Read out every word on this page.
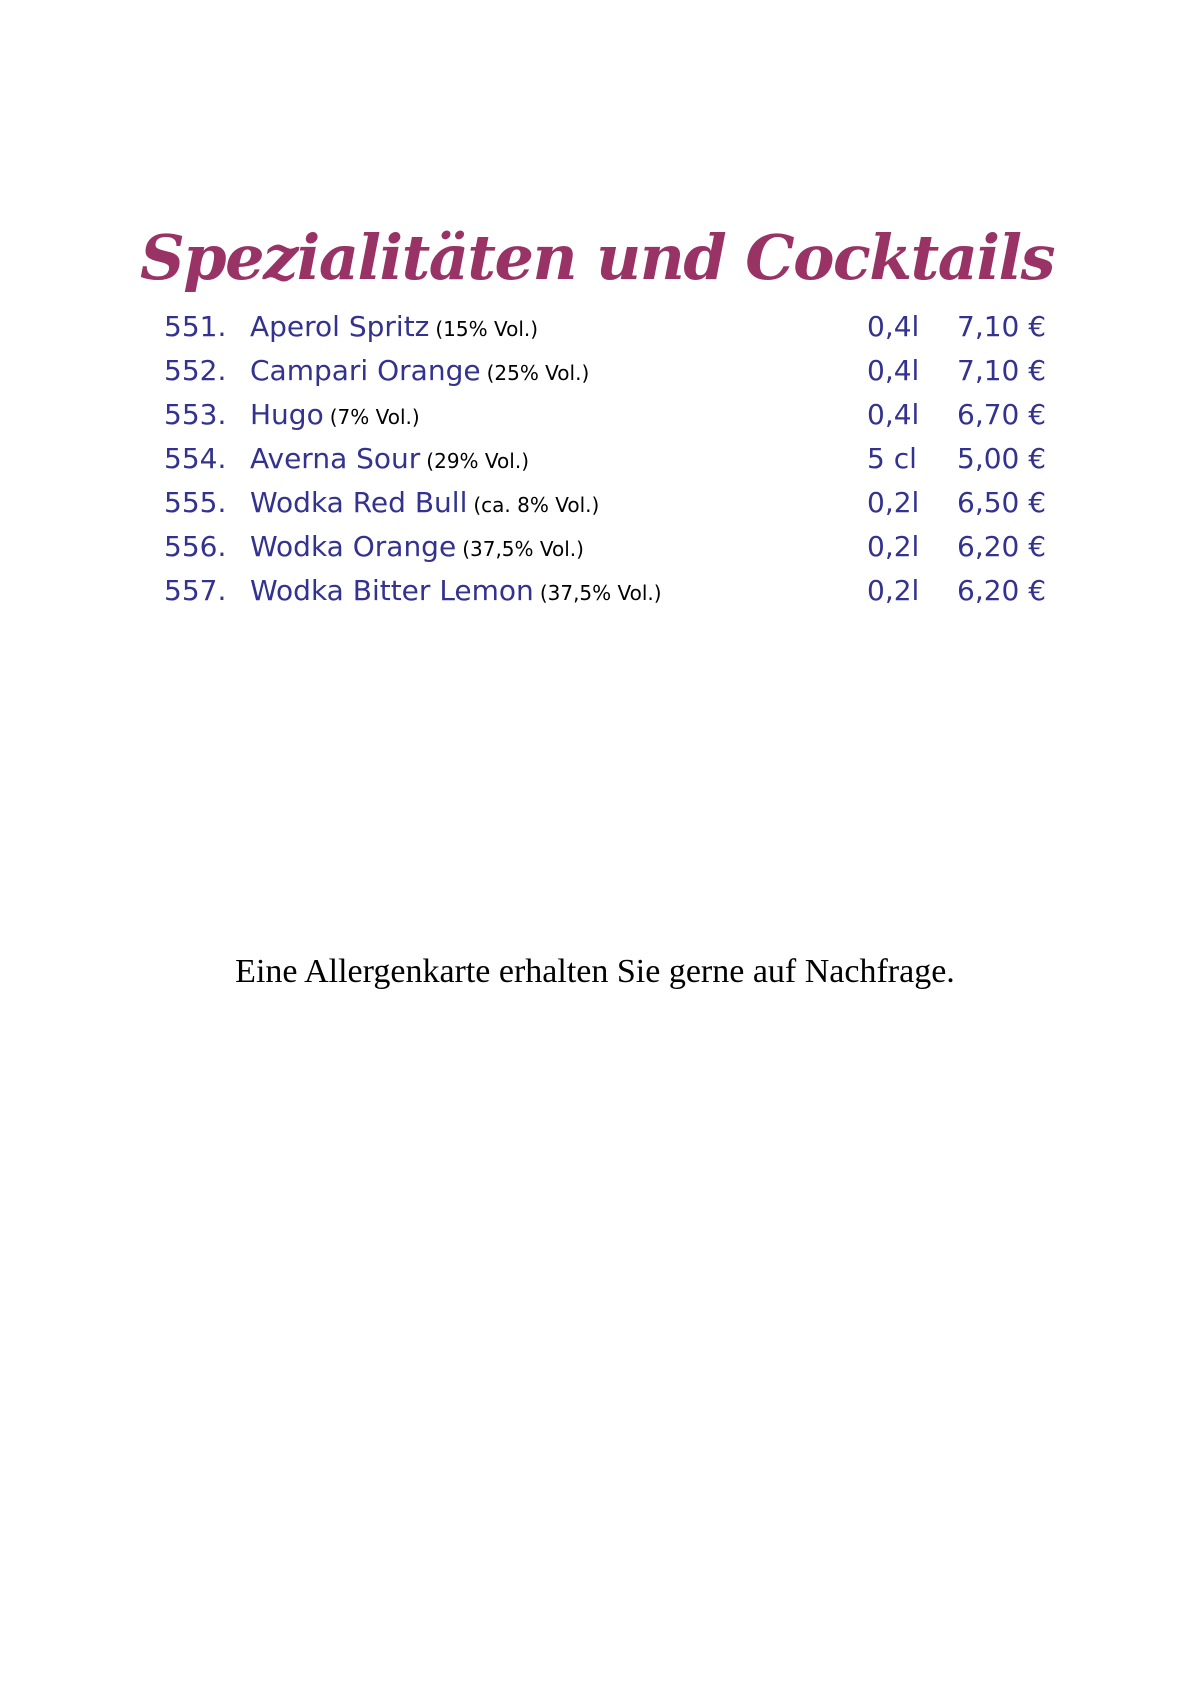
Spezialitäten und Cocktails
551. Aperol Spritz (15% Vol.)	0,4l 7,10 €
552. Campari Orange (25% Vol.)	0,4l 7,10 €
553. Hugo (7% Vol.)	0,4l 6,70 €
554. Averna Sour (29% Vol.)	5 cl 5,00 €
555. Wodka Red Bull (ca. 8% Vol.)	0,2l 6,50 €
556. Wodka Orange (37,5% Vol.)	0,2l 6,20 €
557. Wodka Bitter Lemon (37,5% Vol.)	0,2l 6,20 €

Eine Allergenkarte erhalten Sie gerne auf Nachfrage.
